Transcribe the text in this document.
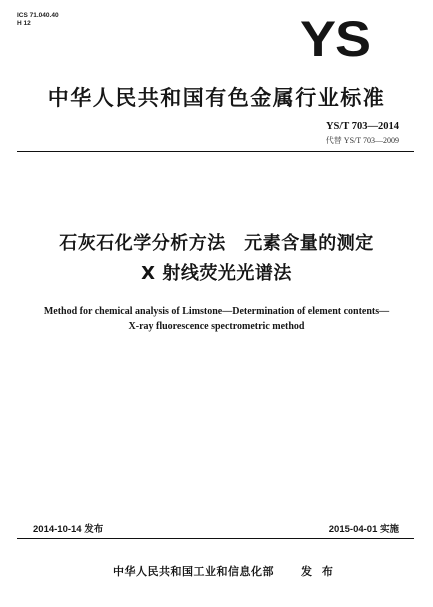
ICS 71.040.40
H 12	YS
中华人民共和国有色金属行业标准
YS/T 703—2014
代替 YS/T 703—2009
石灰石化学分析方法　元素含量的测定
X 射线荧光光谱法
Method for chemical analysis of Limstone—Determination of element contents—
X-ray fluorescence spectrometric method
2014-10-14 发布	2015-04-01 实施
中华人民共和国工业和信息化部 发 布
